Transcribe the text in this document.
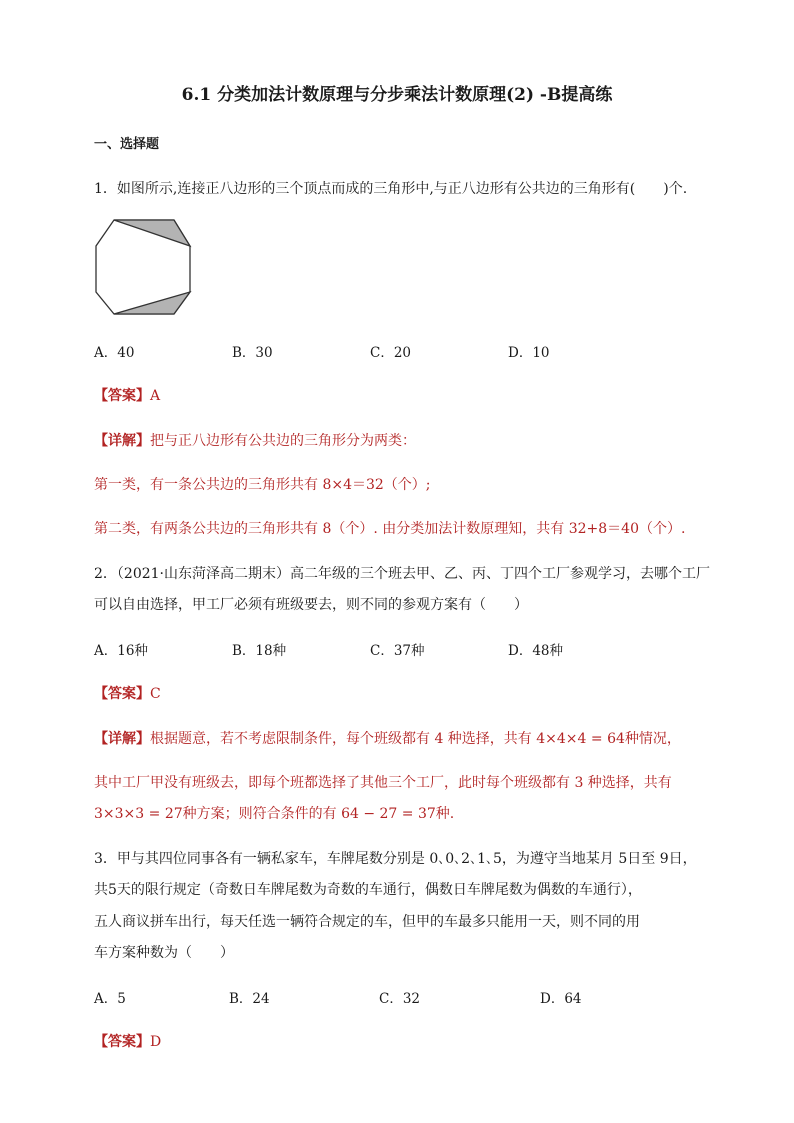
6.1 分类加法计数原理与分步乘法计数原理(2) -B提高练
一、选择题
1．如图所示,连接正八边形的三个顶点而成的三角形中,与正八边形有公共边的三角形有(　　)个.
A．40	B．30	C．20	D．10
【答案】A
【详解】把与正八边形有公共边的三角形分为两类：
第一类，有一条公共边的三角形共有 8×4＝32（个）;
第二类，有两条公共边的三角形共有 8（个）. 由分类加法计数原理知，共有 32+8＝40（个）.
2．（2021·山东菏泽高二期末）高二年级的三个班去甲、乙、丙、丁四个工厂参观学习，去哪个工厂
可以自由选择，甲工厂必须有班级要去，则不同的参观方案有（　　）
A．16种	B．18种	C．37种	D．48种
【答案】C
【详解】根据题意，若不考虑限制条件，每个班级都有 4 种选择，共有 4×4×4 = 64种情况，
其中工厂甲没有班级去，即每个班都选择了其他三个工厂，此时每个班级都有 3 种选择，共有
3×3×3 = 27种方案；则符合条件的有 64 − 27 = 37种.
3．甲与其四位同事各有一辆私家车，车牌尾数分别是 0､0､2､1､5，为遵守当地某月 5日至 9日，
共5天的限行规定（奇数日车牌尾数为奇数的车通行，偶数日车牌尾数为偶数的车通行），
五人商议拼车出行，每天任选一辆符合规定的车，但甲的车最多只能用一天，则不同的用
车方案种数为（　　）
A．5	B．24	C．32	D．64
【答案】D
